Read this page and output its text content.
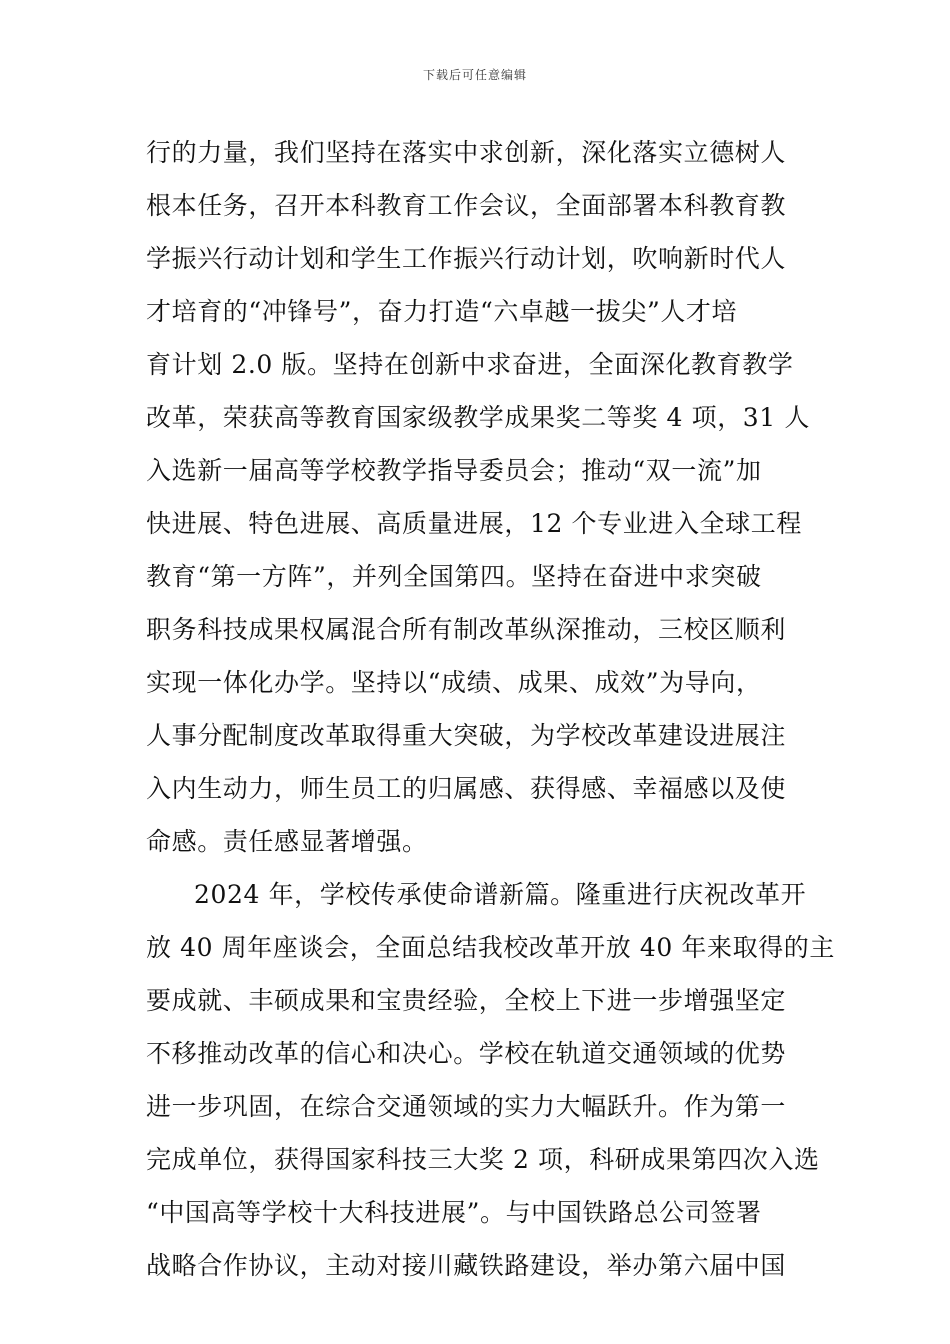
下载后可任意编辑
行的力量，我们坚持在落实中求创新，深化落实立德树人
根本任务，召开本科教育工作会议，全面部署本科教育教
学振兴行动计划和学生工作振兴行动计划，吹响新时代人
才培育的“冲锋号”，奋力打造“六卓越一拔尖”人才培
育计划 2.0 版。坚持在创新中求奋进，全面深化教育教学
改革，荣获高等教育国家级教学成果奖二等奖 4 项，31 人
入选新一届高等学校教学指导委员会；推动“双一流”加
快进展、特色进展、高质量进展，12 个专业进入全球工程
教育“第一方阵”，并列全国第四。坚持在奋进中求突破
职务科技成果权属混合所有制改革纵深推动，三校区顺利
实现一体化办学。坚持以“成绩、成果、成效”为导向，
人事分配制度改革取得重大突破，为学校改革建设进展注
入内生动力，师生员工的归属感、获得感、幸福感以及使
命感。责任感显著增强。
2024 年，学校传承使命谱新篇。隆重进行庆祝改革开
放 40 周年座谈会，全面总结我校改革开放 40 年来取得的主
要成就、丰硕成果和宝贵经验，全校上下进一步增强坚定
不移推动改革的信心和决心。学校在轨道交通领域的优势
进一步巩固，在综合交通领域的实力大幅跃升。作为第一
完成单位，获得国家科技三大奖 2 项，科研成果第四次入选
“中国高等学校十大科技进展”。与中国铁路总公司签署
战略合作协议，主动对接川藏铁路建设，举办第六届中国
